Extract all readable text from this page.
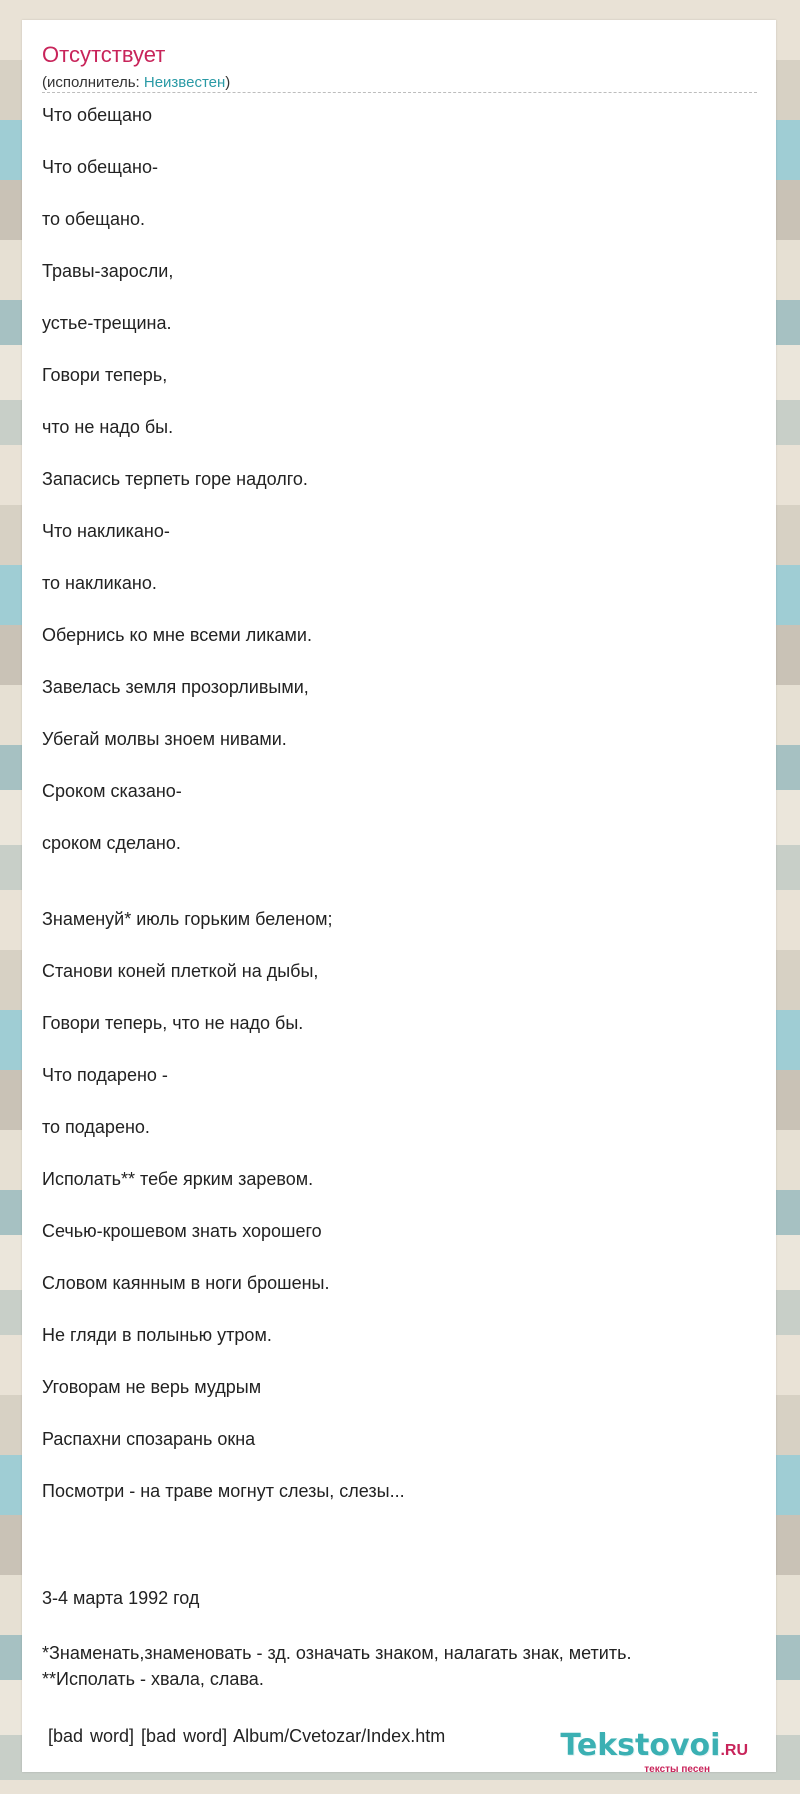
Отсутствует
(исполнитель: Неизвестен)
Что обещано
Что обещано-
то обещано.
Травы-заросли,
устье-трещина.
Говори теперь,
что не надо бы.
Запасись терпеть горе надолго.
Что накликано-
то накликано.
Обернись ко мне всеми ликами.
Завелась земля прозорливыми,
Убегай молвы зноем нивами.
Сроком сказано-
сроком сделано.
Знаменуй* июль горьким беленом;
Станови коней плеткой на дыбы,
Говори теперь, что не надо бы.
Что подарено -
то подарено.
Исполать** тебе ярким заревом.
Сечью-крошевом знать хорошего
Словом каянным в ноги брошены.
Не гляди в полынью утром.
Уговорам не верь мудрым
Распахни спозарань окна
Посмотри - на траве могнут слезы, слезы...
3-4 марта 1992 год
*Знаменать,знаменовать - зд. означать знаком, налагать знак, метить.
**Исполать - хвала, слава.
[bad word] [bad word] Album/Cvetozar/Index.htm	Tekstovoi.RU
тексты песен
